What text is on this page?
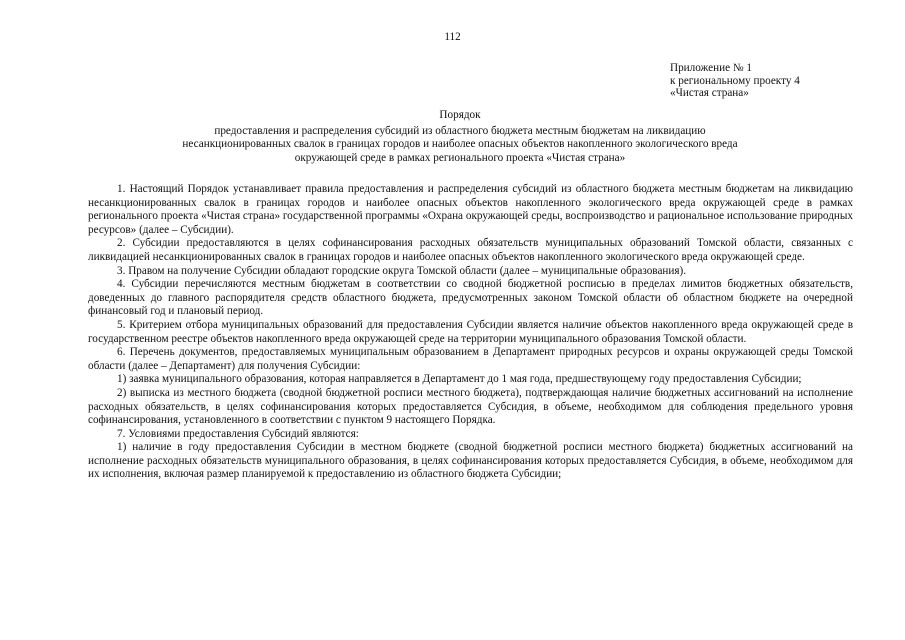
112
Приложение № 1
к региональному проекту 4
«Чистая страна»
Порядок
предоставления и распределения субсидий из областного бюджета местным бюджетам на ликвидацию
несанкционированных свалок в границах городов и наиболее опасных объектов накопленного экологического вреда
окружающей среде в рамках регионального проекта «Чистая страна»

1. Настоящий Порядок устанавливает правила предоставления и распределения субсидий из областного бюджета местным бюджетам на ликвидацию несанкционированных свалок в границах городов и наиболее опасных объектов накопленного экологического вреда окружающей среде в рамках регионального проекта «Чистая страна» государственной программы «Охрана окружающей среды, воспроизводство и рациональное использование природных ресурсов» (далее – Субсидии).

2. Субсидии предоставляются в целях софинансирования расходных обязательств муниципальных образований Томской области, связанных с ликвидацией несанкционированных свалок в границах городов и наиболее опасных объектов накопленного экологического вреда окружающей среде.

3. Правом на получение Субсидии обладают городские округа Томской области (далее – муниципальные образования).

4. Субсидии перечисляются местным бюджетам в соответствии со сводной бюджетной росписью в пределах лимитов бюджетных обязательств, доведенных до главного распорядителя средств областного бюджета, предусмотренных законом Томской области об областном бюджете на очередной финансовый год и плановый период.

5. Критерием отбора муниципальных образований для предоставления Субсидии является наличие объектов накопленного вреда окружающей среде в государственном реестре объектов накопленного вреда окружающей среде на территории муниципального образования Томской области.

6. Перечень документов, предоставляемых муниципальным образованием в Департамент природных ресурсов и охраны окружающей среды Томской области (далее – Департамент) для получения Субсидии:

1) заявка муниципального образования, которая направляется в Департамент до 1 мая года, предшествующему году предоставления Субсидии;

2) выписка из местного бюджета (сводной бюджетной росписи местного бюджета), подтверждающая наличие бюджетных ассигнований на исполнение расходных обязательств, в целях софинансирования которых предоставляется Субсидия, в объеме, необходимом для соблюдения предельного уровня софинансирования, установленного в соответствии с пунктом 9 настоящего Порядка.

7. Условиями предоставления Субсидий являются:

1) наличие в году предоставления Субсидии в местном бюджете (сводной бюджетной росписи местного бюджета) бюджетных ассигнований на исполнение расходных обязательств муниципального образования, в целях софинансирования которых предоставляется Субсидия, в объеме, необходимом для их исполнения, включая размер планируемой к предоставлению из областного бюджета Субсидии;
